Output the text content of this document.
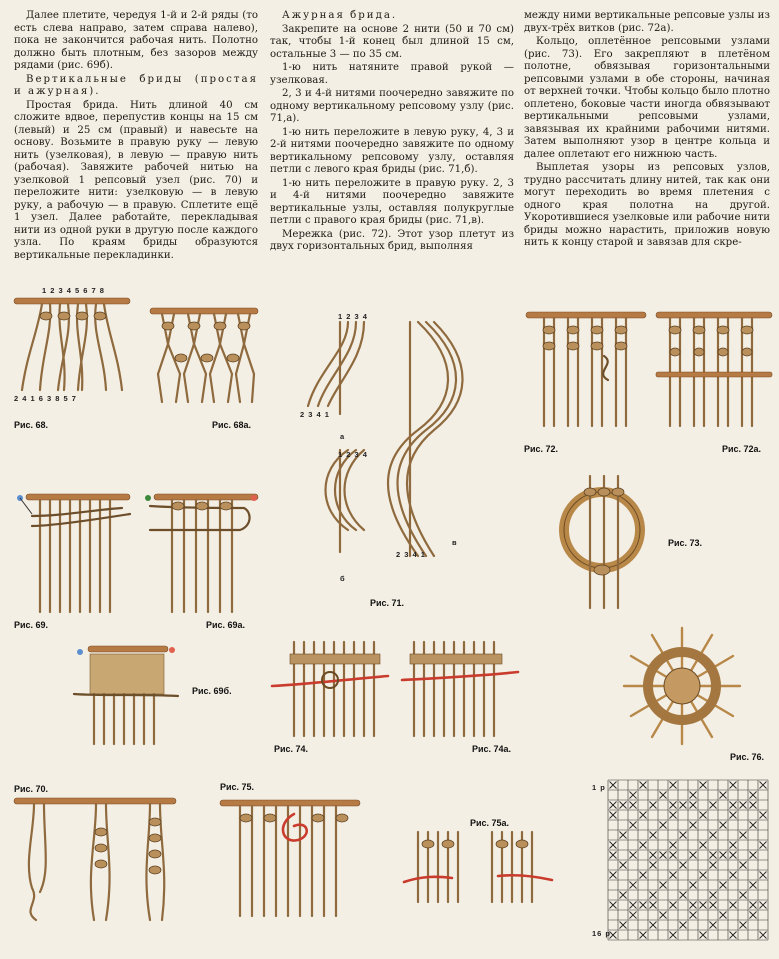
Далее плетите, чередуя 1-й и 2-й ряды (то есть слева направо, затем справа налево), пока не закончится рабочая нить. Полотно должно быть плотным, без зазоров между рядами (рис. 69б).

Вертикальные бриды (простая и ажурная).

Простая брида. Нить длиной 40 см сложите вдвое, перепустив концы на 15 см (левый) и 25 см (правый) и навесьте на основу. Возьмите в правую руку — левую нить (узелковая), в левую — правую нить (рабочая). Завяжите рабочей нитью на узелковой 1 репсовый узел (рис. 70) и переложите нити: узелковую — в левую руку, а рабочую — в правую. Сплетите ещё 1 узел. Далее работайте, перекладывая нити из одной руки в другую после каждого узла. По краям бриды образуются вертикальные перекладинки.

Ажурная брида.

Закрепите на основе 2 нити (50 и 70 см) так, чтобы 1-й конец был длиной 15 см, остальные 3 — по 35 см.

1-ю нить натяните правой рукой — узелковая.

2, 3 и 4-й нитями поочередно завяжите по одному вертикальному репсовому узлу (рис. 71,а).

1-ю нить переложите в левую руку, 4, 3 и 2-й нитями поочередно завяжите по одному вертикальному репсовому узлу, оставляя петли с левого края бриды (рис. 71,б).

1-ю нить переложите в правую руку. 2, 3 и 4-й нитями поочередно завяжите вертикальные узлы, оставляя полукруглые петли с правого края бриды (рис. 71,в).

Мережка (рис. 72). Этот узор плетут из двух горизонтальных брид, выполняя

между ними вертикальные репсовые узлы из двух-трёх витков (рис. 72а).

Кольцо, оплетённое репсовыми узлами (рис. 73). Его закрепляют в плетёном полотне, обвязывая горизонтальными репсовыми узлами в обе стороны, начиная от верхней точки. Чтобы кольцо было плотно оплетено, боковые части иногда обвязывают вертикальными репсовыми узлами, завязывая их крайними рабочими нитями. Затем выполняют узор в центре кольца и далее оплетают его нижнюю часть.

Выплетая узоры из репсовых узлов, трудно рассчитать длину нитей, так как они могут переходить во время плетения с одного края полотна на другой. Укоротившиеся узелковые или рабочие нити бриды можно нарастить, приложив новую нить к концу старой и завязав для скре-

1 2 3 4 5 6 7 8
2 4 1 6 3 8 5 7
Рис. 68.	Рис. 68а.
Рис. 69.	Рис. 69а.
Рис. 69б.
Рис. 70.
1 2 3 4
2 3 4 1
а
1 2 3 4
б
2 3 4 1
в
Рис. 71.
Рис. 72.	Рис. 72а.
Рис. 73.
Рис. 74.	Рис. 74а.
Рис. 75.
Рис. 75а.
Рис. 76.
1 р
16 р
